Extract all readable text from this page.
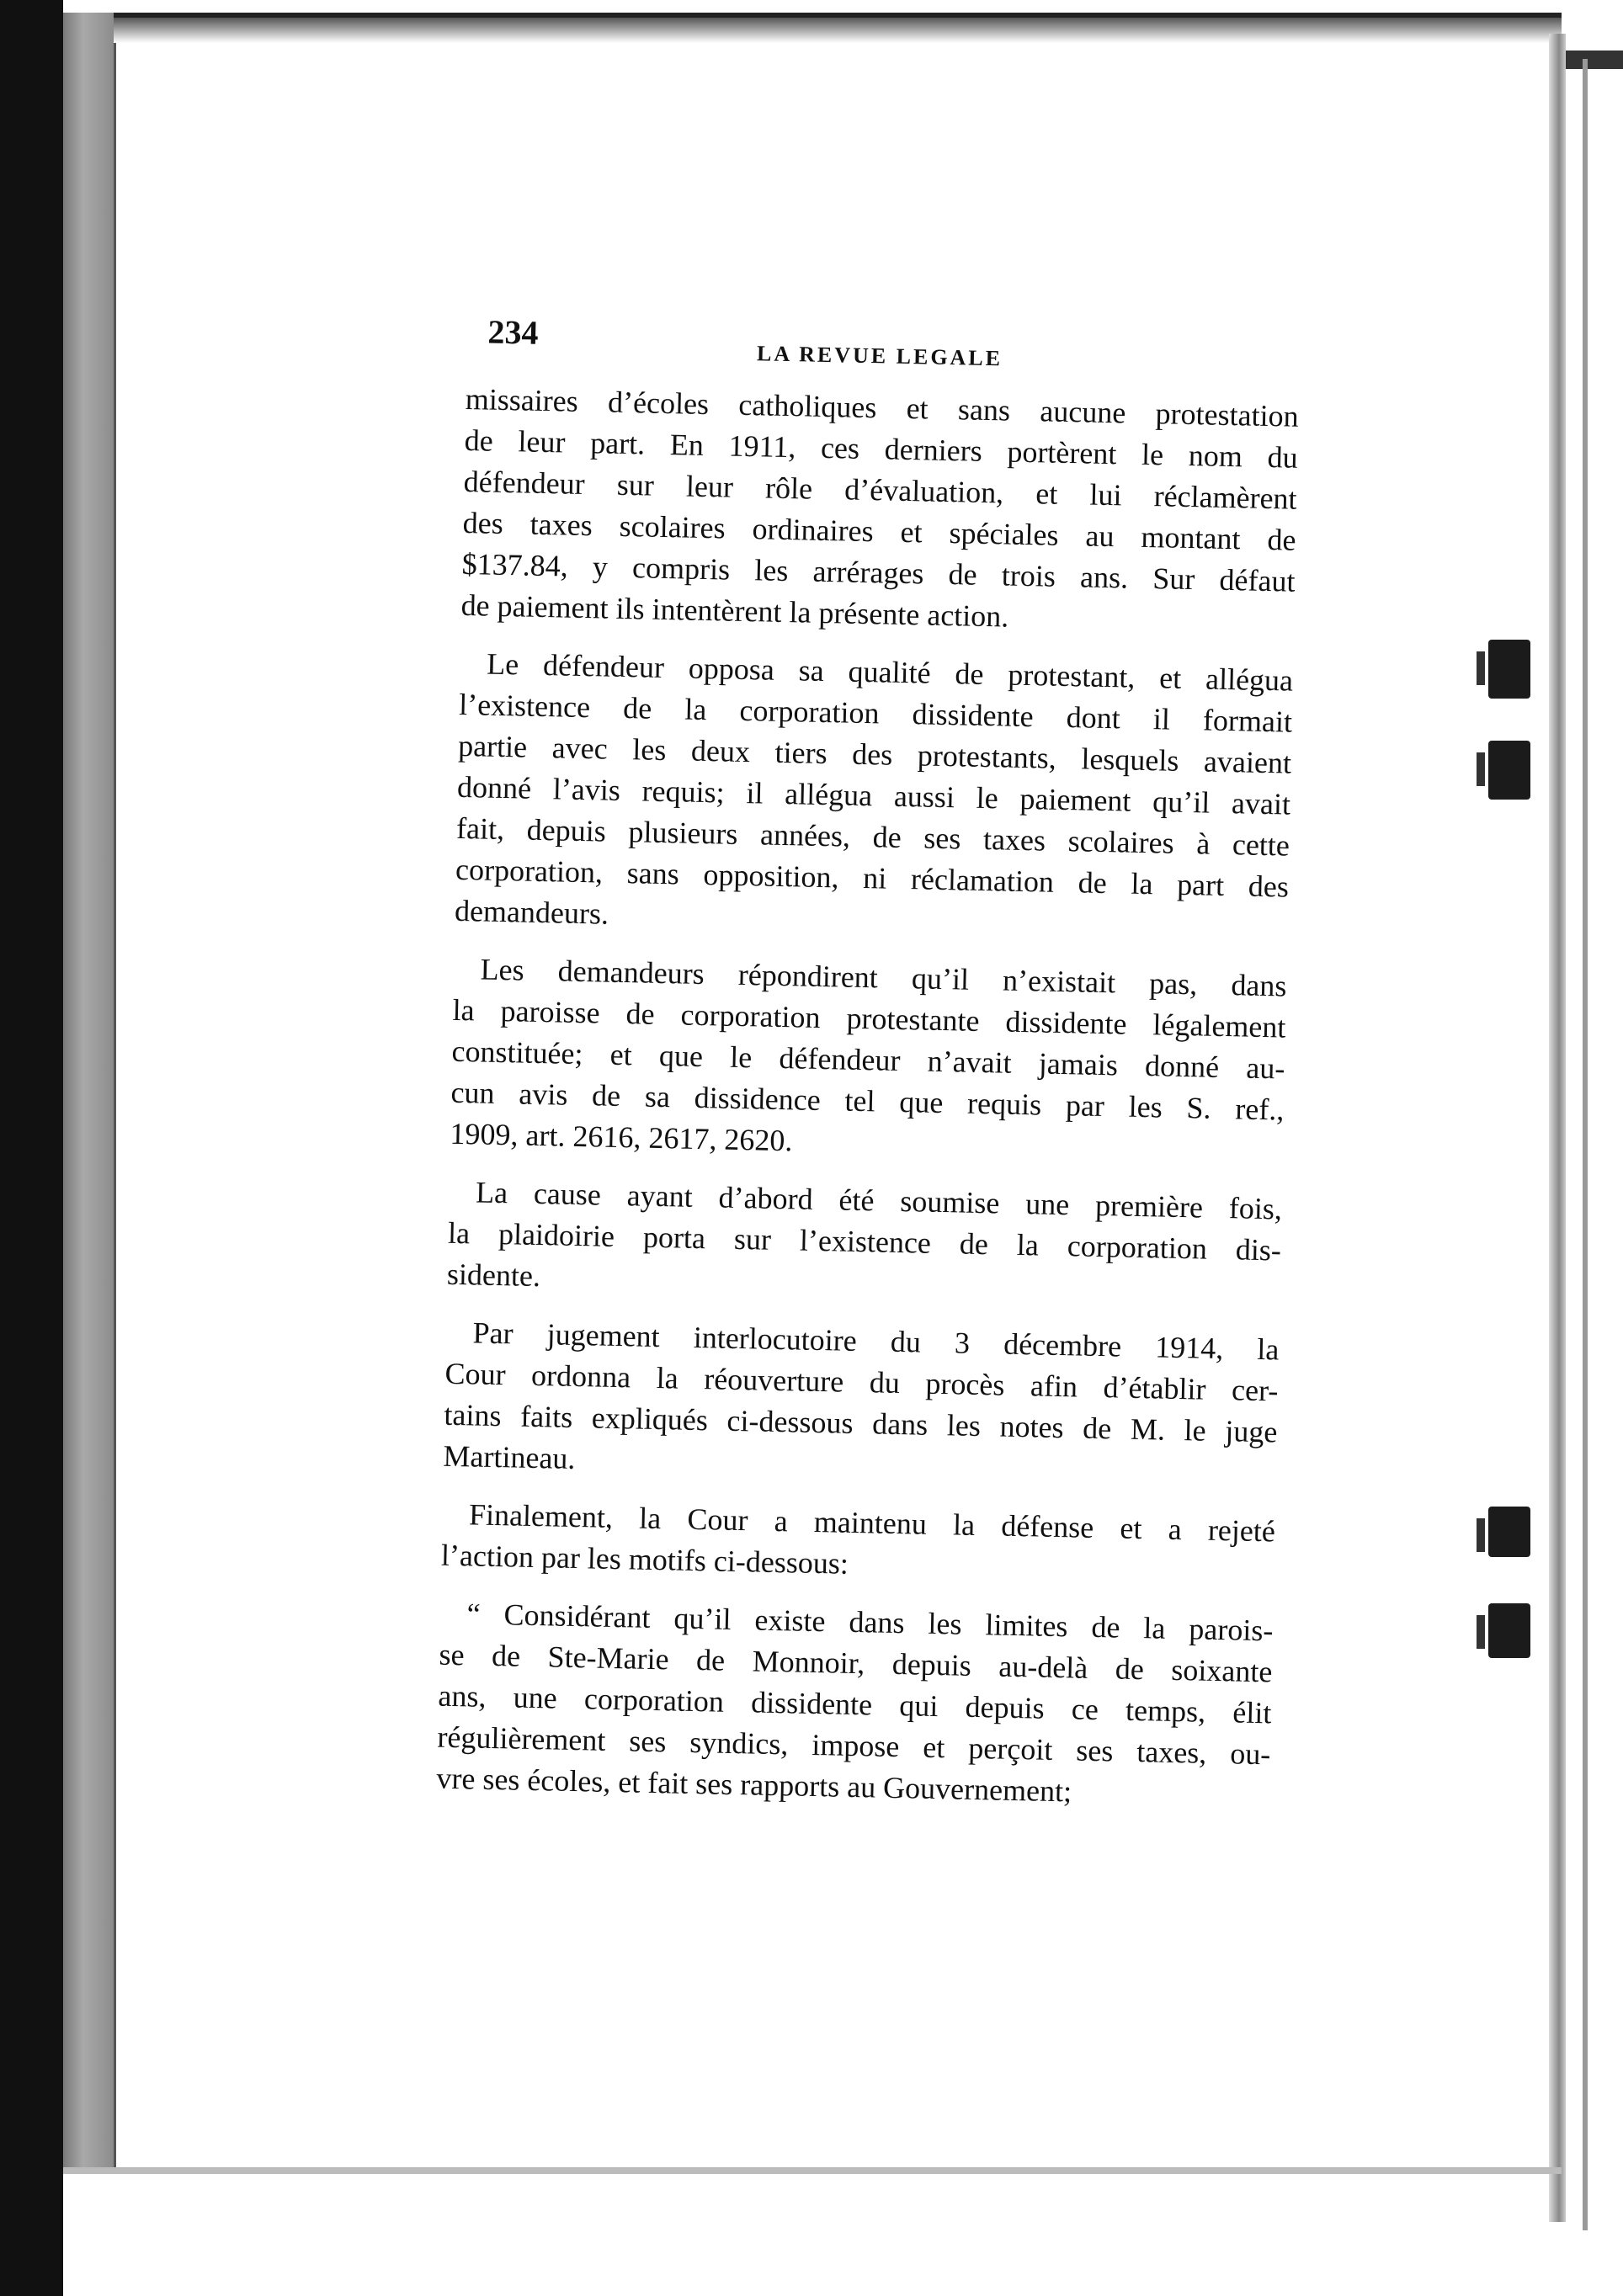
234
LA REVUE LEGALE
missaires d’écoles catholiques et sans aucune protestation
de leur part. En 1911, ces derniers portèrent le nom du
défendeur sur leur rôle d’évaluation, et lui réclamèrent
des taxes scolaires ordinaires et spéciales au montant de
$137.84, y compris les arrérages de trois ans. Sur défaut
de paiement ils intentèrent la présente action.
Le défendeur opposa sa qualité de protestant, et allégua
l’existence de la corporation dissidente dont il formait
partie avec les deux tiers des protestants, lesquels avaient
donné l’avis requis; il allégua aussi le paiement qu’il avait
fait, depuis plusieurs années, de ses taxes scolaires à cette
corporation, sans opposition, ni réclamation de la part des
demandeurs.
Les demandeurs répondirent qu’il n’existait pas, dans
la paroisse de corporation protestante dissidente légalement
constituée; et que le défendeur n’avait jamais donné au-
cun avis de sa dissidence tel que requis par les S. ref.,
1909, art. 2616, 2617, 2620.
La cause ayant d’abord été soumise une première fois,
la plaidoirie porta sur l’existence de la corporation dis-
sidente.
Par jugement interlocutoire du 3 décembre 1914, la
Cour ordonna la réouverture du procès afin d’établir cer-
tains faits expliqués ci-dessous dans les notes de M. le juge
Martineau.
Finalement, la Cour a maintenu la défense et a rejeté
l’action par les motifs ci-dessous:
“ Considérant qu’il existe dans les limites de la parois-
se de Ste-Marie de Monnoir, depuis au-delà de soixante
ans, une corporation dissidente qui depuis ce temps, élit
régulièrement ses syndics, impose et perçoit ses taxes, ou-
vre ses écoles, et fait ses rapports au Gouvernement;
